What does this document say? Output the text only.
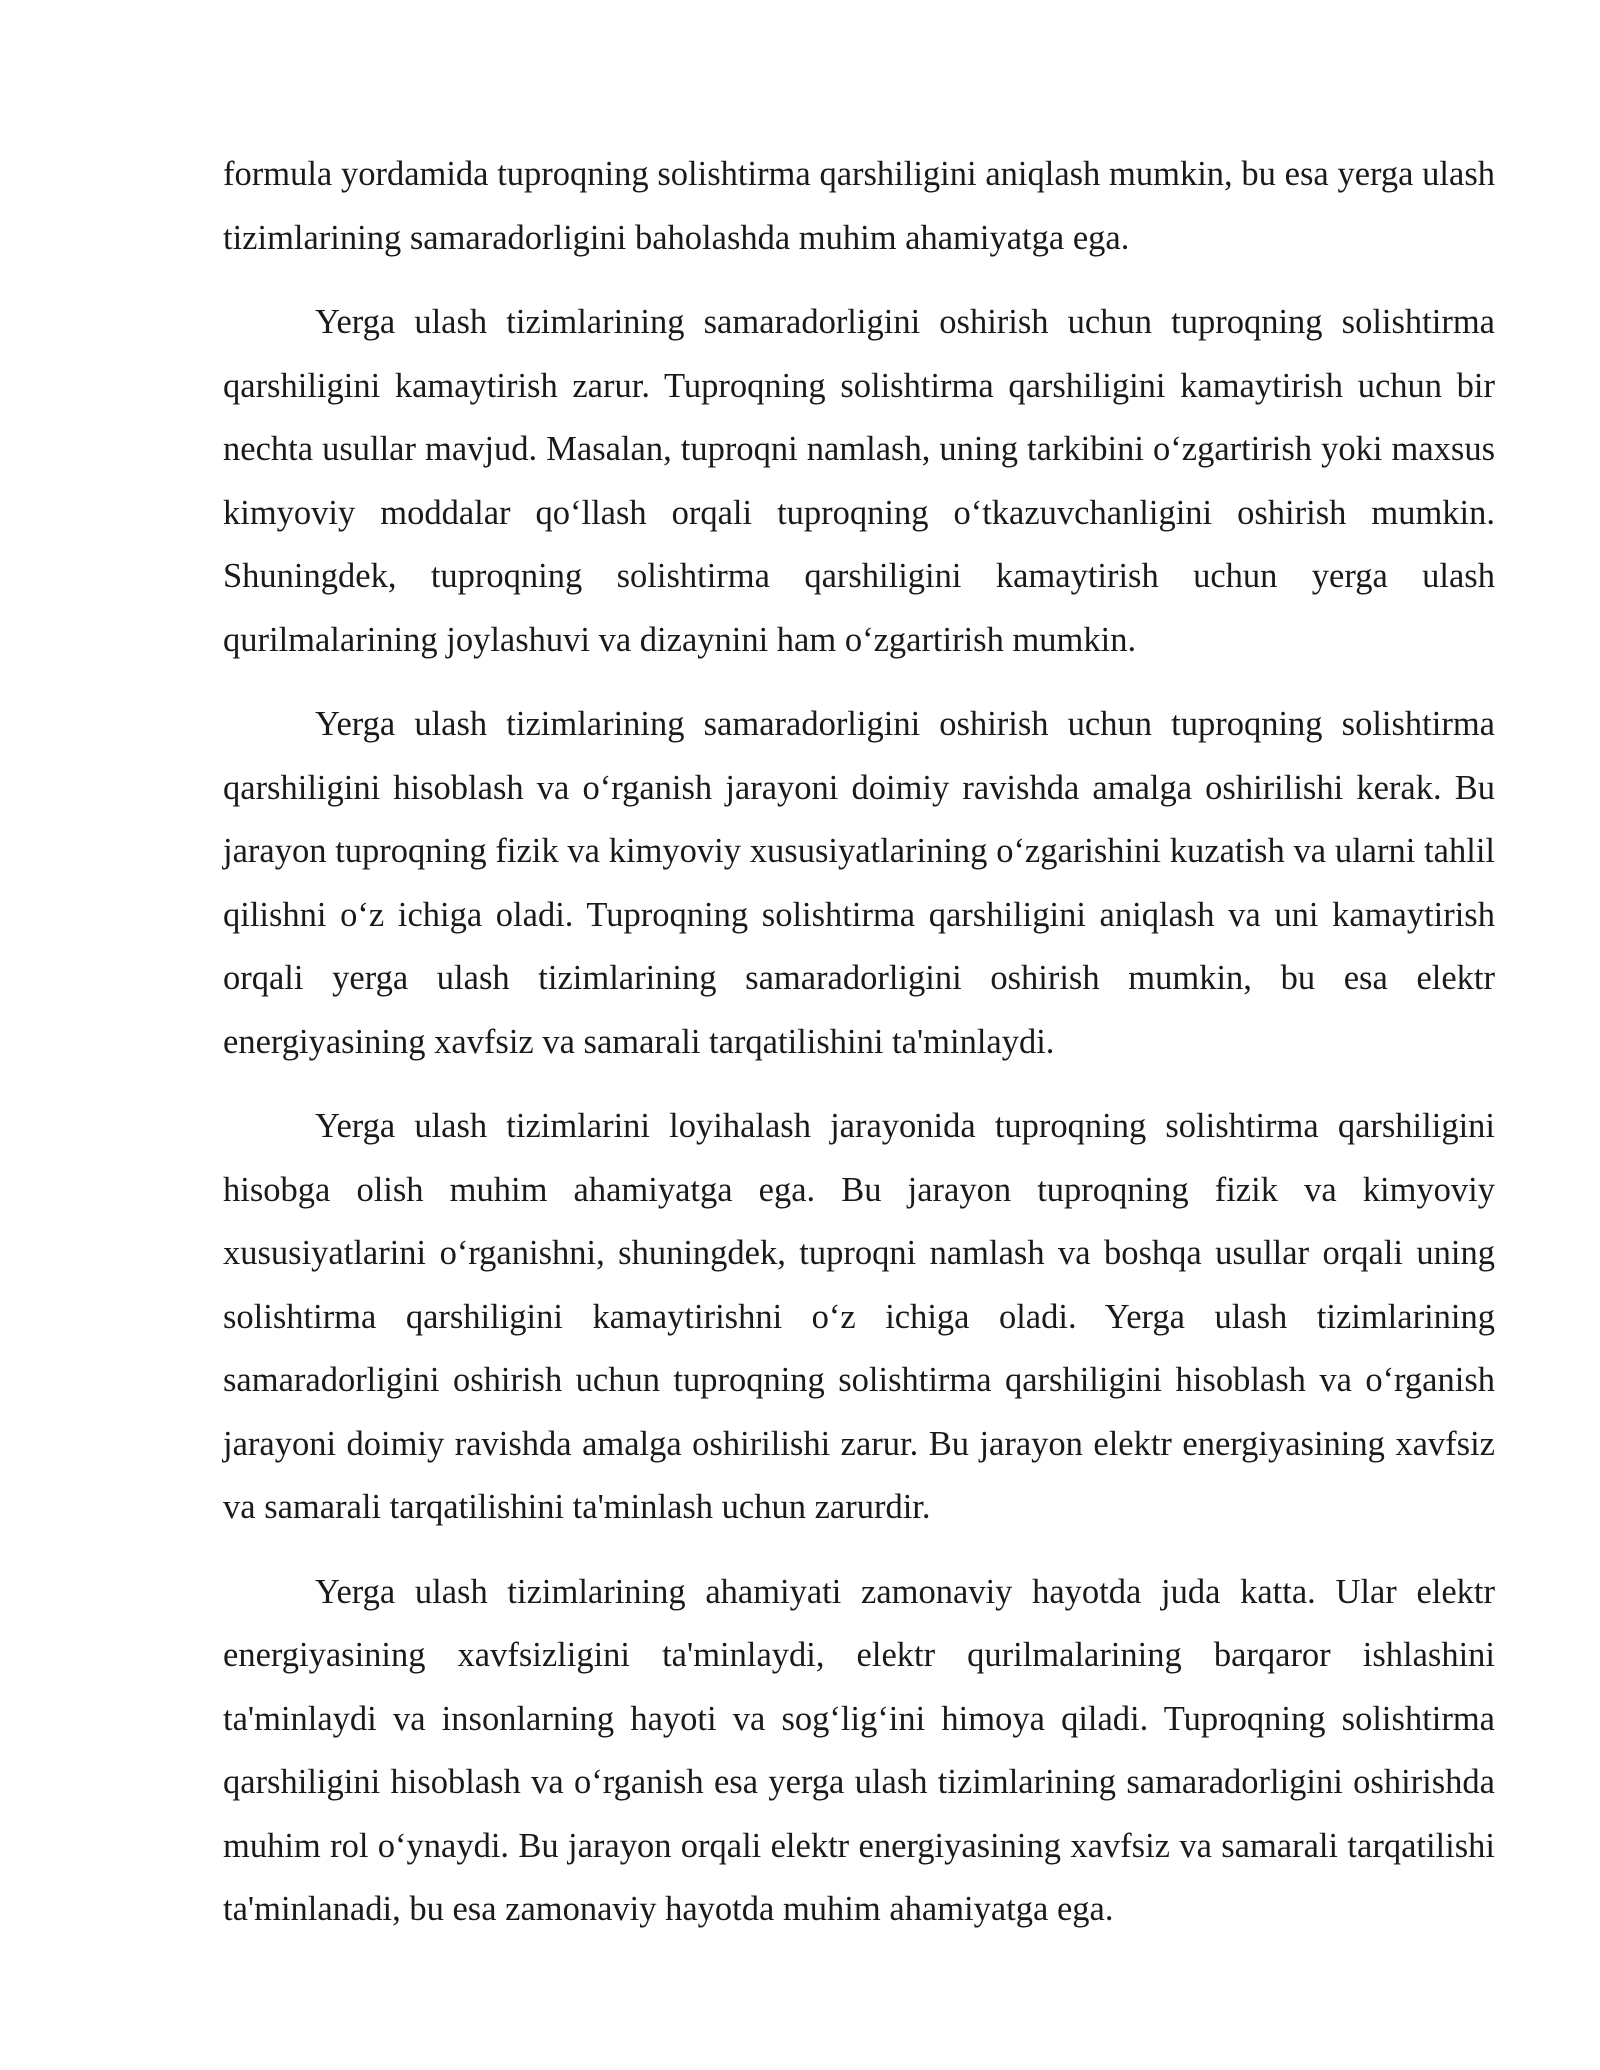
formula yordamida tuproqning solishtirma qarshiligini aniqlash mumkin, bu esa yerga ulash tizimlarining samaradorligini baholashda muhim ahamiyatga ega.

Yerga ulash tizimlarining samaradorligini oshirish uchun tuproqning solishtirma qarshiligini kamaytirish zarur. Tuproqning solishtirma qarshiligini kamaytirish uchun bir nechta usullar mavjud. Masalan, tuproqni namlash, uning tarkibini o‘zgartirish yoki maxsus kimyoviy moddalar qo‘llash orqali tuproqning o‘tkazuvchanligini oshirish mumkin. Shuningdek, tuproqning solishtirma qarshiligini kamaytirish uchun yerga ulash qurilmalarining joylashuvi va dizaynini ham o‘zgartirish mumkin.

Yerga ulash tizimlarining samaradorligini oshirish uchun tuproqning solishtirma qarshiligini hisoblash va o‘rganish jarayoni doimiy ravishda amalga oshirilishi kerak. Bu jarayon tuproqning fizik va kimyoviy xususiyatlarining o‘zgarishini kuzatish va ularni tahlil qilishni o‘z ichiga oladi. Tuproqning solishtirma qarshiligini aniqlash va uni kamaytirish orqali yerga ulash tizimlarining samaradorligini oshirish mumkin, bu esa elektr energiyasining xavfsiz va samarali tarqatilishini ta'minlaydi.

Yerga ulash tizimlarini loyihalash jarayonida tuproqning solishtirma qarshiligini hisobga olish muhim ahamiyatga ega. Bu jarayon tuproqning fizik va kimyoviy xususiyatlarini o‘rganishni, shuningdek, tuproqni namlash va boshqa usullar orqali uning solishtirma qarshiligini kamaytirishni o‘z ichiga oladi. Yerga ulash tizimlarining samaradorligini oshirish uchun tuproqning solishtirma qarshiligini hisoblash va o‘rganish jarayoni doimiy ravishda amalga oshirilishi zarur. Bu jarayon elektr energiyasining xavfsiz va samarali tarqatilishini ta'minlash uchun zarurdir.

Yerga ulash tizimlarining ahamiyati zamonaviy hayotda juda katta. Ular elektr energiyasining xavfsizligini ta'minlaydi, elektr qurilmalarining barqaror ishlashini ta'minlaydi va insonlarning hayoti va sog‘lig‘ini himoya qiladi. Tuproqning solishtirma qarshiligini hisoblash va o‘rganish esa yerga ulash tizimlarining samaradorligini oshirishda muhim rol o‘ynaydi. Bu jarayon orqali elektr energiyasining xavfsiz va samarali tarqatilishi ta'minlanadi, bu esa zamonaviy hayotda muhim ahamiyatga ega.
